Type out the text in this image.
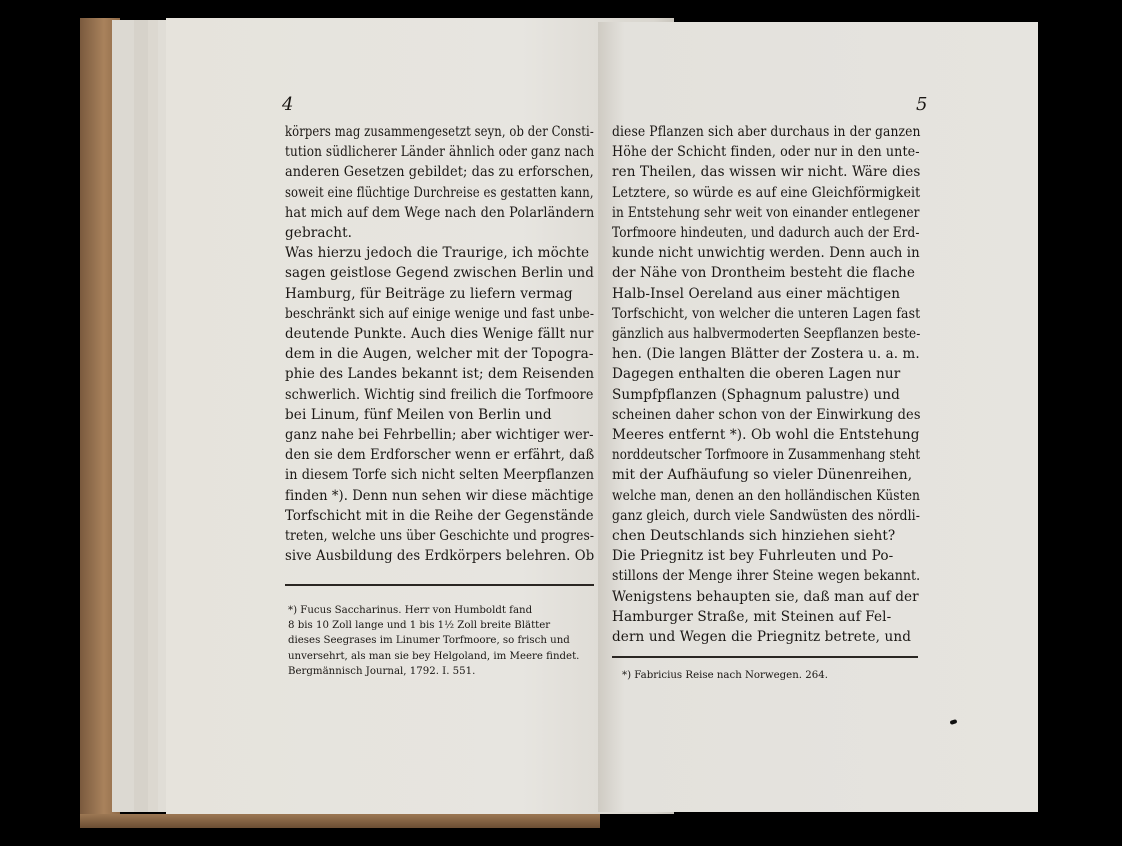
4
körpers mag zusammengesetzt seyn, ob der Consti-
tution südlicherer Länder ähnlich oder ganz nach
anderen Gesetzen gebildet; das zu erforschen,
soweit eine flüchtige Durchreise es gestatten kann,
hat mich auf dem Wege nach den Polarländern
gebracht.
Was hierzu jedoch die Traurige, ich möchte
sagen geistlose Gegend zwischen Berlin und
Hamburg, für Beiträge zu liefern vermag
beschränkt sich auf einige wenige und fast unbe-
deutende Punkte. Auch dies Wenige fällt nur
dem in die Augen, welcher mit der Topogra-
phie des Landes bekannt ist; dem Reisenden
schwerlich. Wichtig sind freilich die Torfmoore
bei Linum, fünf Meilen von Berlin und
ganz nahe bei Fehrbellin; aber wichtiger wer-
den sie dem Erdforscher wenn er erfährt, daß
in diesem Torfe sich nicht selten Meerpflanzen
finden *). Denn nun sehen wir diese mächtige
Torfschicht mit in die Reihe der Gegenstände
treten, welche uns über Geschichte und progres-
sive Ausbildung des Erdkörpers belehren. Ob
*) Fucus Saccharinus. Herr von Humboldt fand
8 bis 10 Zoll lange und 1 bis 1½ Zoll breite Blätter
dieses Seegrases im Linumer Torfmoore, so frisch und
unversehrt, als man sie bey Helgoland, im Meere findet.
Bergmännisch Journal, 1792. I. 551.
5
diese Pflanzen sich aber durchaus in der ganzen
Höhe der Schicht finden, oder nur in den unte-
ren Theilen, das wissen wir nicht. Wäre dies
Letztere, so würde es auf eine Gleichförmigkeit
in Entstehung sehr weit von einander entlegener
Torfmoore hindeuten, und dadurch auch der Erd-
kunde nicht unwichtig werden. Denn auch in
der Nähe von Drontheim besteht die flache
Halb-Insel Oereland aus einer mächtigen
Torfschicht, von welcher die unteren Lagen fast
gänzlich aus halbvermoderten Seepflanzen beste-
hen. (Die langen Blätter der Zostera u. a. m.
Dagegen enthalten die oberen Lagen nur
Sumpfpflanzen (Sphagnum palustre) und
scheinen daher schon von der Einwirkung des
Meeres entfernt *). Ob wohl die Entstehung
norddeutscher Torfmoore in Zusammenhang steht
mit der Aufhäufung so vieler Dünenreihen,
welche man, denen an den holländischen Küsten
ganz gleich, durch viele Sandwüsten des nördli-
chen Deutschlands sich hinziehen sieht?
Die Priegnitz ist bey Fuhrleuten und Po-
stillons der Menge ihrer Steine wegen bekannt.
Wenigstens behaupten sie, daß man auf der
Hamburger Straße, mit Steinen auf Fel-
dern und Wegen die Priegnitz betrete, und
*) Fabricius Reise nach Norwegen. 264.
